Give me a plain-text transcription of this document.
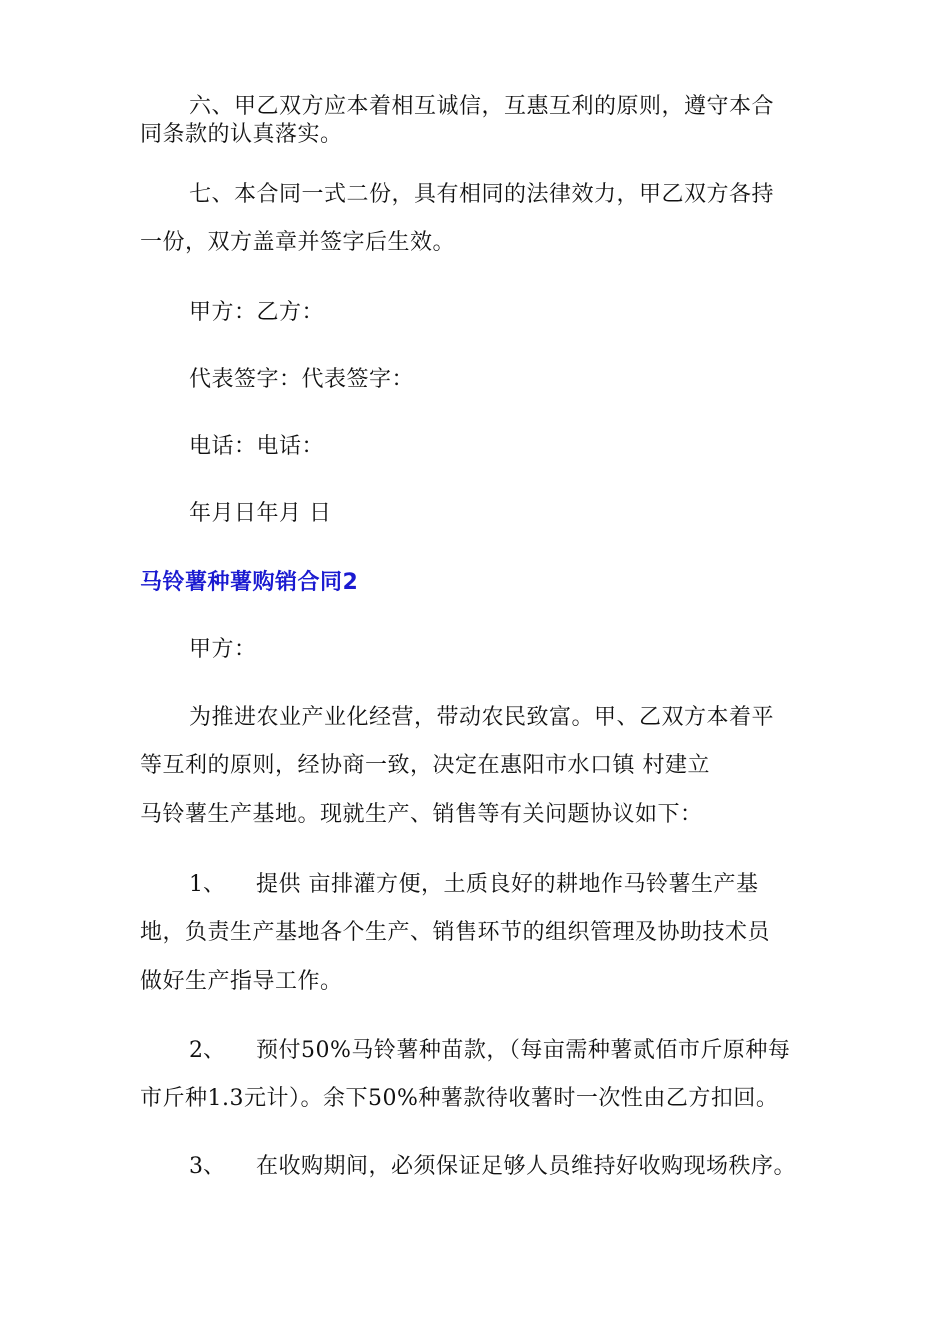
六、甲乙双方应本着相互诚信，互惠互利的原则，遵守本合
同条款的认真落实。
七、本合同一式二份，具有相同的法律效力，甲乙双方各持
一份，双方盖章并签字后生效。
甲方：乙方：
代表签字：代表签字：
电话：电话：
年月日年月 日
马铃薯种薯购销合同2
甲方：
为推进农业产业化经营，带动农民致富。甲、乙双方本着平
等互利的原则，经协商一致，决定在惠阳市水口镇 村建立
马铃薯生产基地。现就生产、销售等有关问题协议如下：
1、 提供 亩排灌方便，土质良好的耕地作马铃薯生产基
地，负责生产基地各个生产、销售环节的组织管理及协助技术员
做好生产指导工作。
2、 预付50%马铃薯种苗款，（每亩需种薯贰佰市斤原种每
市斤种1.3元计）。余下50%种薯款待收薯时一次性由乙方扣回。
3、 在收购期间，必须保证足够人员维持好收购现场秩序。
